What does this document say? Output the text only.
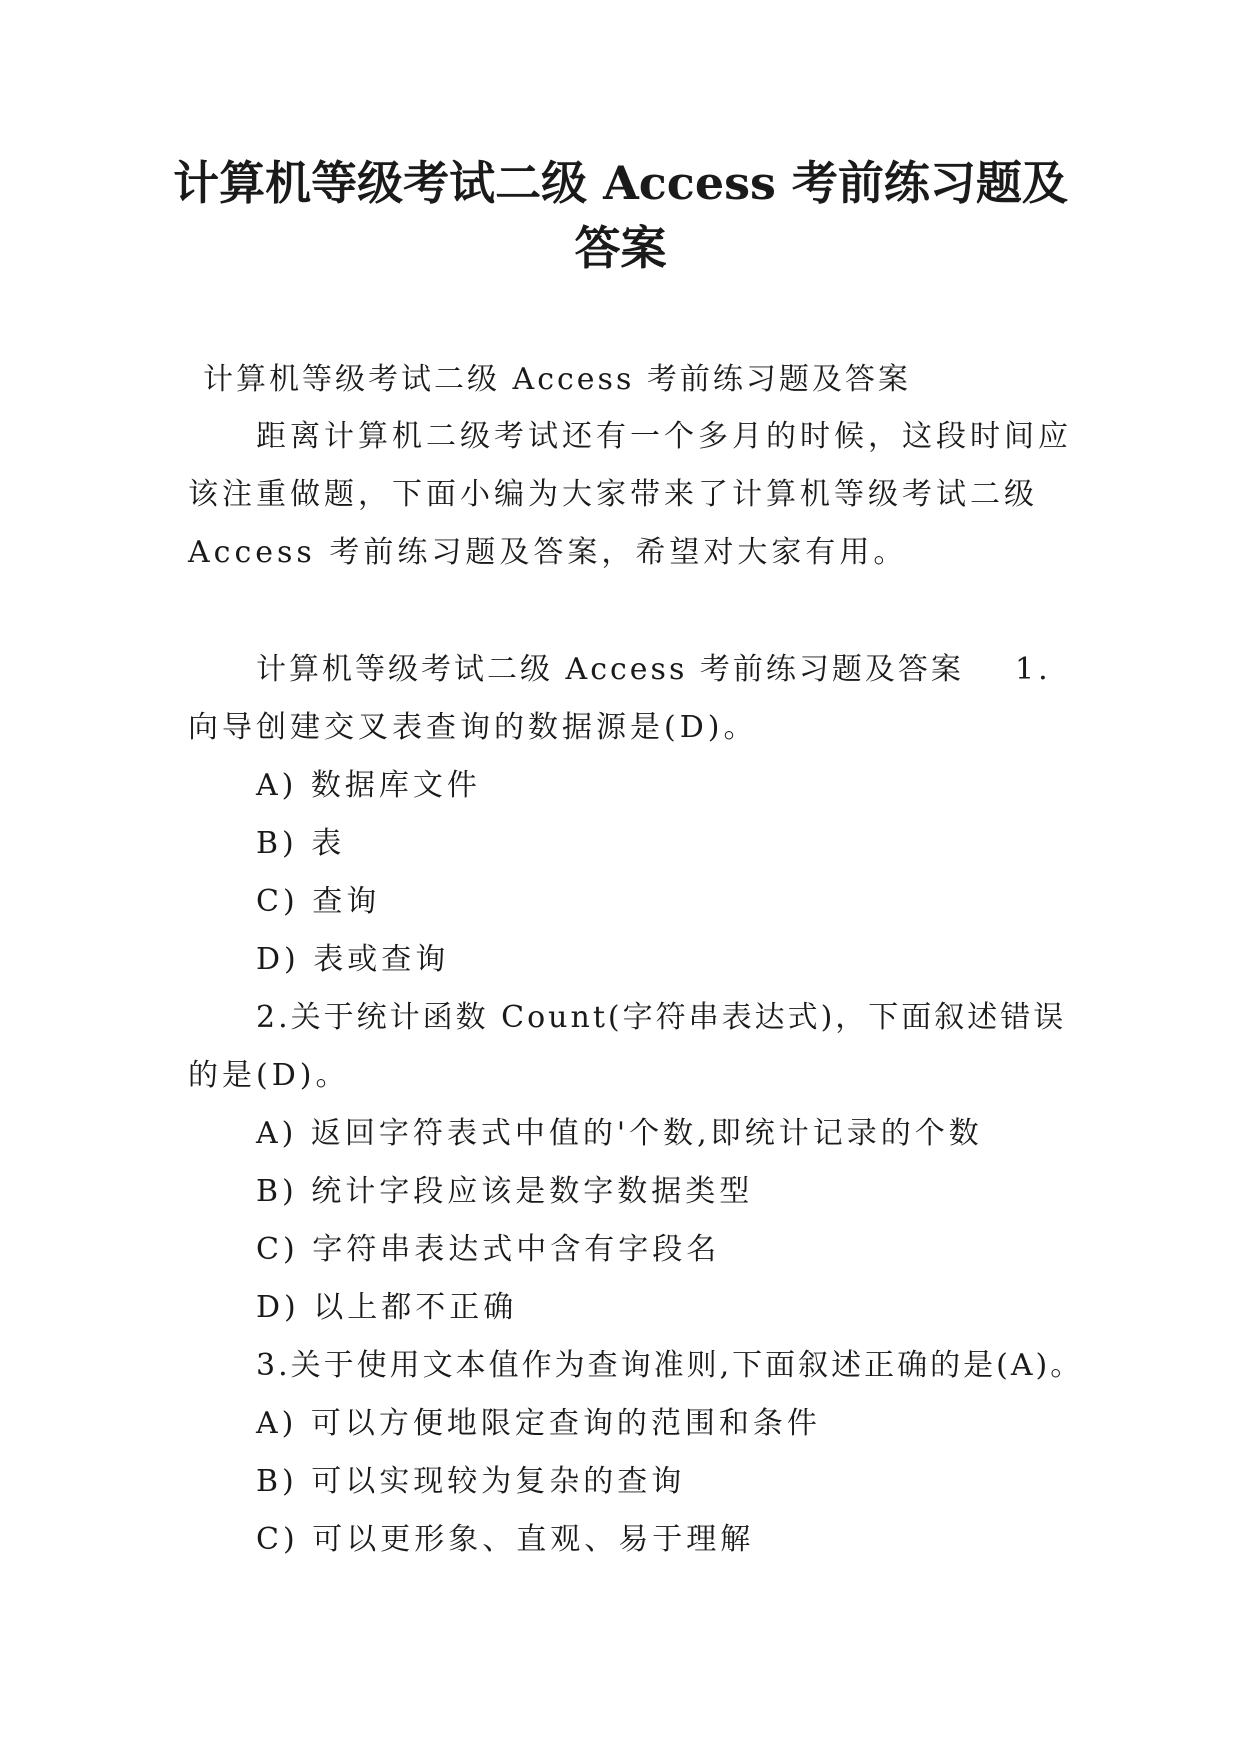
计算机等级考试二级 Access 考前练习题及
答案
计算机等级考试二级 Access 考前练习题及答案
距离计算机二级考试还有一个多月的时候，这段时间应
该注重做题，下面小编为大家带来了计算机等级考试二级
Access 考前练习题及答案，希望对大家有用。
计算机等级考试二级 Access 考前练习题及答案 1.
向导创建交叉表查询的数据源是(D)。
A) 数据库文件
B) 表
C) 查询
D) 表或查询
2.关于统计函数 Count(字符串表达式)，下面叙述错误
的是(D)。
A) 返回字符表式中值的'个数,即统计记录的个数
B) 统计字段应该是数字数据类型
C) 字符串表达式中含有字段名
D) 以上都不正确
3.关于使用文本值作为查询准则,下面叙述正确的是(A)。
A) 可以方便地限定查询的范围和条件
B) 可以实现较为复杂的查询
C) 可以更形象、直观、易于理解
